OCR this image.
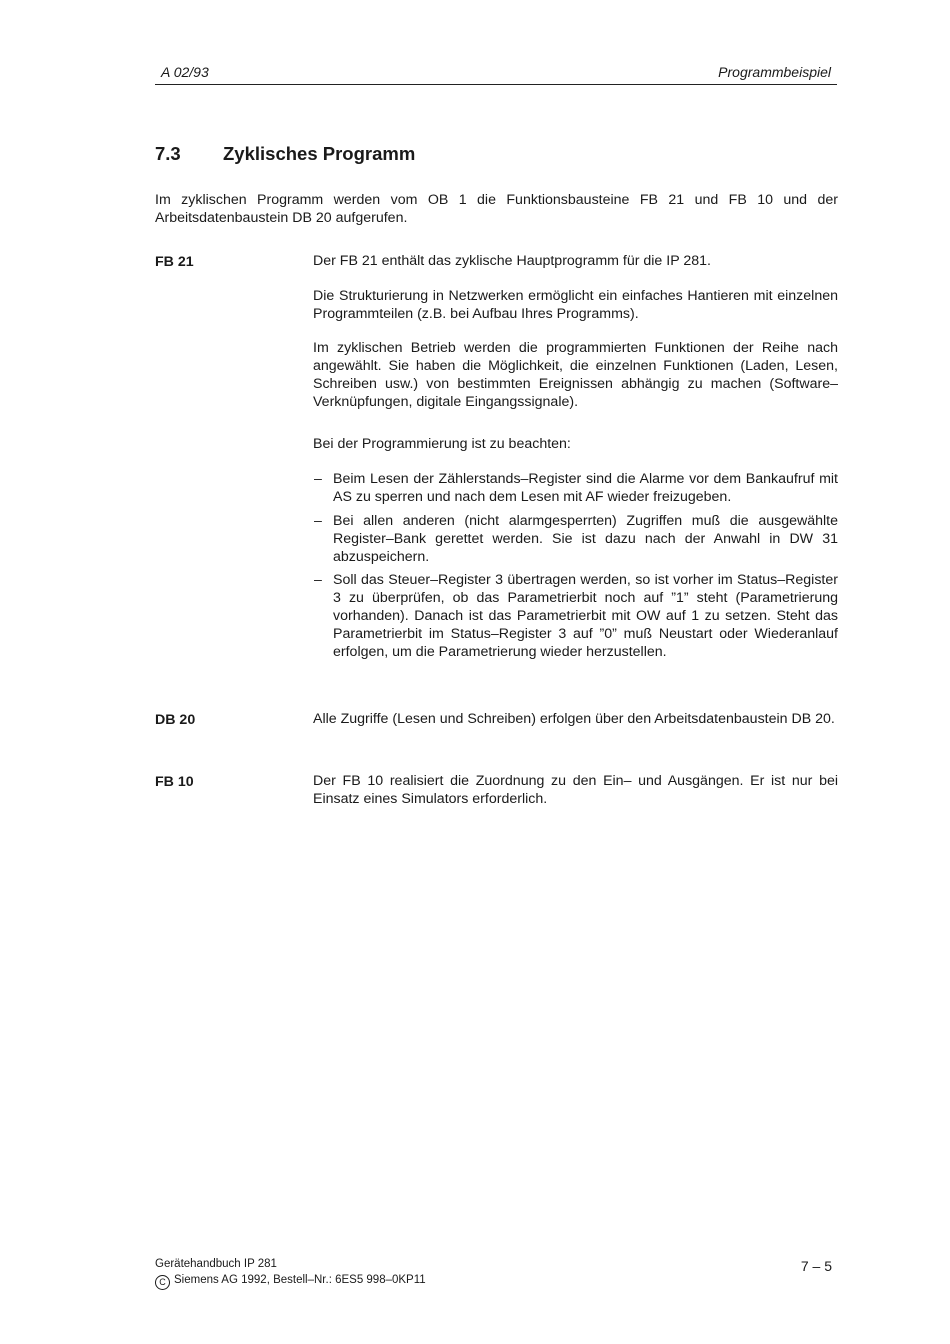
A 02/93	Programmbeispiel
7.3 Zyklisches Programm
Im zyklischen Programm werden vom OB 1 die Funktionsbausteine FB 21 und FB 10 und der Arbeitsdatenbaustein DB 20 aufgerufen.
FB 21	Der FB 21 enthält das zyklische Hauptprogramm für die IP 281.

Die Strukturierung in Netzwerken ermöglicht ein einfaches Hantieren mit einzelnen Programmteilen (z.B. bei Aufbau Ihres Programms).

Im zyklischen Betrieb werden die programmierten Funktionen der Reihe nach angewählt. Sie haben die Möglichkeit, die einzelnen Funktionen (Laden, Lesen, Schreiben usw.) von bestimmten Ereignissen abhängig zu machen (Software–Verknüpfungen, digitale Eingangssignale).

Bei der Programmierung ist zu beachten:

– Beim Lesen der Zählerstands–Register sind die Alarme vor dem Bankaufruf mit AS zu sperren und nach dem Lesen mit AF wieder freizugeben.
– Bei allen anderen (nicht alarmgesperrten) Zugriffen muß die ausgewählte Register–Bank gerettet werden. Sie ist dazu nach der Anwahl in DW 31 abzuspeichern.
– Soll das Steuer–Register 3 übertragen werden, so ist vorher im Status–Register 3 zu überprüfen, ob das Parametrierbit noch auf ”1” steht (Parametrierung vorhanden). Danach ist das Parametrierbit mit OW auf 1 zu setzen. Steht das Parametrierbit im Status–Register 3 auf ”0” muß Neustart oder Wiederanlauf erfolgen, um die Parametrierung wieder herzustellen.
DB 20	Alle Zugriffe (Lesen und Schreiben) erfolgen über den Arbeitsdatenbaustein DB 20.

FB 10	Der FB 10 realisiert die Zuordnung zu den Ein– und Ausgängen. Er ist nur bei Einsatz eines Simulators erforderlich.

Gerätehandbuch IP 281
C Siemens AG 1992, Bestell–Nr.: 6ES5 998–0KP11
7 – 5
